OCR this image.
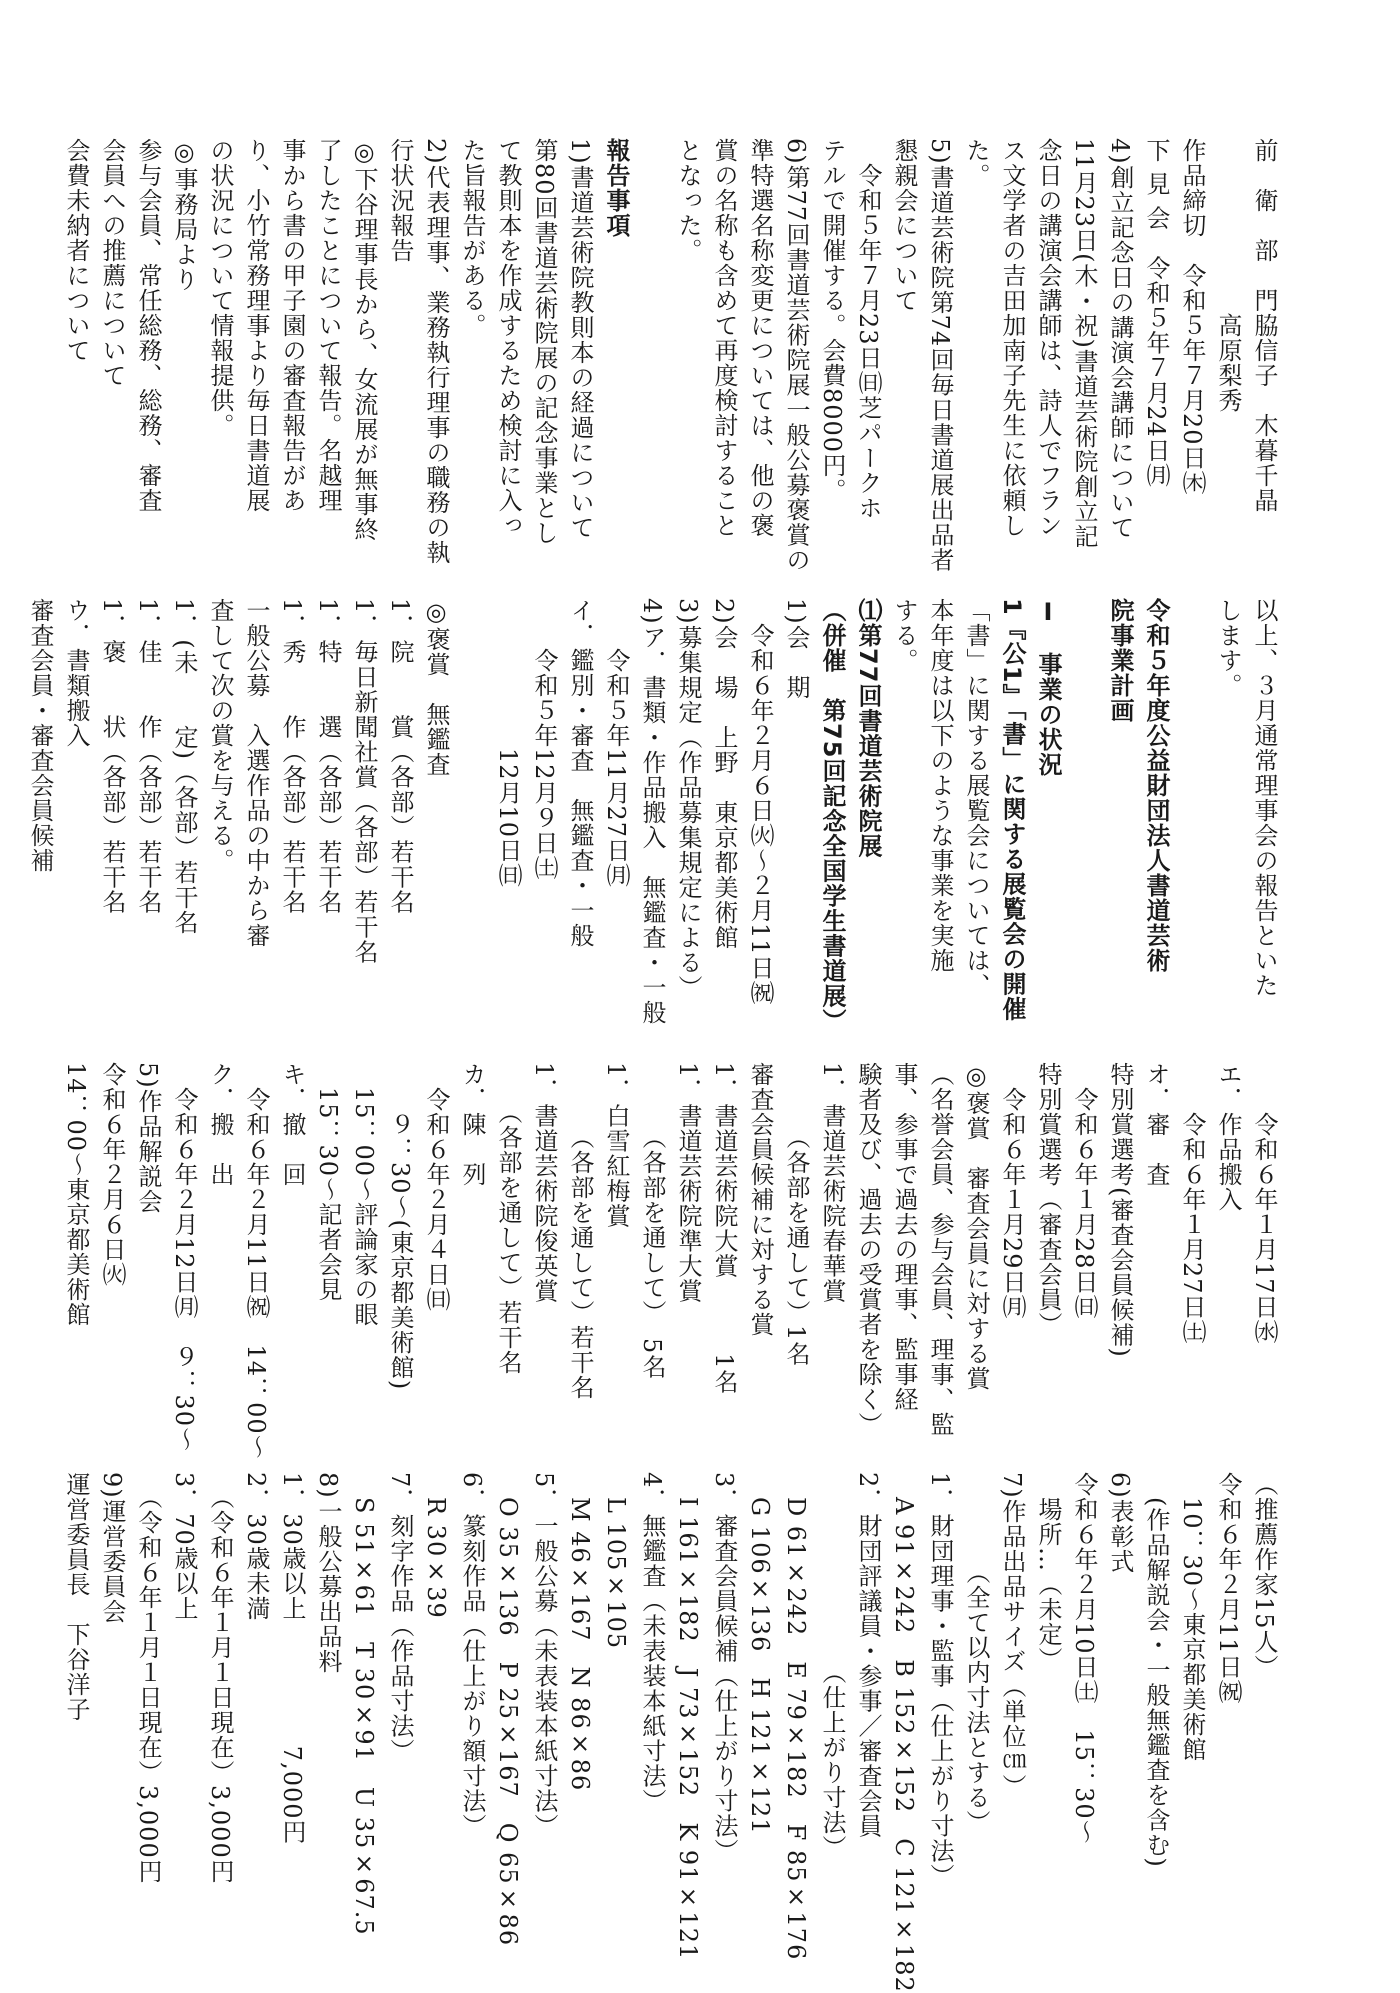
前　衛　部　門脇信子　木暮千晶
　　　　　　　高原梨秀
作品締切　令和５年７月20日㈭
下 見 会　令和５年７月24日㈪
4)創立記念日の講演会講師について
11月23日(木・祝)書道芸術院創立記
念日の講演会講師は、詩人でフラン
ス文学者の吉田加南子先生に依頼し
た。
5)書道芸術院第74回毎日書道展出品者
懇親会について
　令和５年７月23日㈰芝パークホ
テルで開催する。会費8000円。
6)第77回書道芸術院展一般公募褒賞の
準特選名称変更については、他の褒
賞の名称も含めて再度検討すること
となった。
報告事項
1)書道芸術院教則本の経過について
第80回書道芸術院展の記念事業とし
て教則本を作成するため検討に入っ
た旨報告がある。
2)代表理事、業務執行理事の職務の執
行状況報告
◎下谷理事長から、女流展が無事終
了したことについて報告。名越理
事から書の甲子園の審査報告があ
り、小竹常務理事より毎日書道展
の状況について情報提供。
◎事務局より
参与会員、常任総務、総務、審査
会員への推薦について
会費未納者について
以上、３月通常理事会の報告といた
します。
令和５年度公益財団法人書道芸術
院事業計画
Ⅰ　事業の状況
1『公1』「書」に関する展覧会の開催
「書」に関する展覧会については、
本年度は以下のような事業を実施
する。
⑴第77回書道芸術院展
（併催　第75回記念全国学生書道展）
1)会　期
　令和６年２月６日㈫〜２月11日㈷
2)会　場　上野　東京都美術館
3)募集規定（作品募集規定による）
4)ア．書類・作品搬入　無鑑査・一般
　　令和５年11月27日㈪
イ．鑑別・審査　無鑑査・一般
　　令和５年12月９日㈯
　　　　　　12月10日㈰
◎褒賞　無鑑査
1．院　　賞（各部）若干名
1．毎日新聞社賞（各部）若干名
1．特　　選（各部）若干名
1．秀　　作（各部）若干名
一般公募　入選作品の中から審
査して次の賞を与える。
1．(未　　定)（各部）若干名
1．佳　　作（各部）若干名
1．褒　　状（各部）若干名
ウ．書類搬入
審査会員・審査会員候補
　　令和６年１月17日㈬
エ．作品搬入
　　令和６年１月27日㈯
オ．審　査
特別賞選考(審査会員候補)
　令和６年１月28日㈰
特別賞選考（審査会員）
　令和６年１月29日㈪
◎褒賞　審査会員に対する賞
（名誉会員、参与会員、理事、監
事、参事で過去の理事、監事経
験者及び、過去の受賞者を除く）
1．書道芸術院春華賞
　　　（各部を通して）1名
審査会員候補に対する賞
1．書道芸術院大賞　　　1名
1．書道芸術院準大賞
　　　（各部を通して）　5名
1．白雪紅梅賞
　　　（各部を通して）若干名
1．書道芸術院俊英賞
　　（各部を通して）若干名
カ．陳　列
　令和６年２月４日㈰
　　９：30〜(東京都美術館)
　15：00〜評論家の眼
　15：30〜記者会見
キ．撤　回
　令和６年２月11日㈷　14：00〜
ク．搬　出
　令和６年２月12日㈪　９：30〜
5)作品解説会
令和６年２月６日㈫
14：00〜東京都美術館
（推薦作家15人）
令和６年２月11日㈷
　10：30〜東京都美術館
　(作品解説会・一般無鑑査を含む)
6)表彰式
令和６年２月10日㈯　15：30〜
　場所…（未定）
7)作品出品サイズ（単位㎝）
　　　　（全て以内寸法とする）
1．財団理事・監事（仕上がり寸法）
　A 91×242　B 152×152　C 121×182
2．財団評議員・参事／審査会員
　　　　　　　　（仕上がり寸法）
　D 61×242　E 79×182　F 85×176
　G 106×136　H 121×121
3．審査会員候補（仕上がり寸法）
　I 161×182　J 73×152　K 91×121
4．無鑑査（未表装本紙寸法）
　L 105×105
　M 46×167　N 86×86
5．一般公募（未表装本紙寸法）
　O 35×136　P 25×167　Q 65×86
6．篆刻作品（仕上がり額寸法）
　R 30×39
7．刻字作品（作品寸法）
　S 51×61　T 30×91　U 35×67.5
8)一般公募出品料
1．30歳以上　　　　　7,000円
2．30歳未満
　（令和６年１月１日現在）3,000円
3．70歳以上
　（令和６年１月１日現在）3,000円
9)運営委員会
運営委員長　下谷洋子
